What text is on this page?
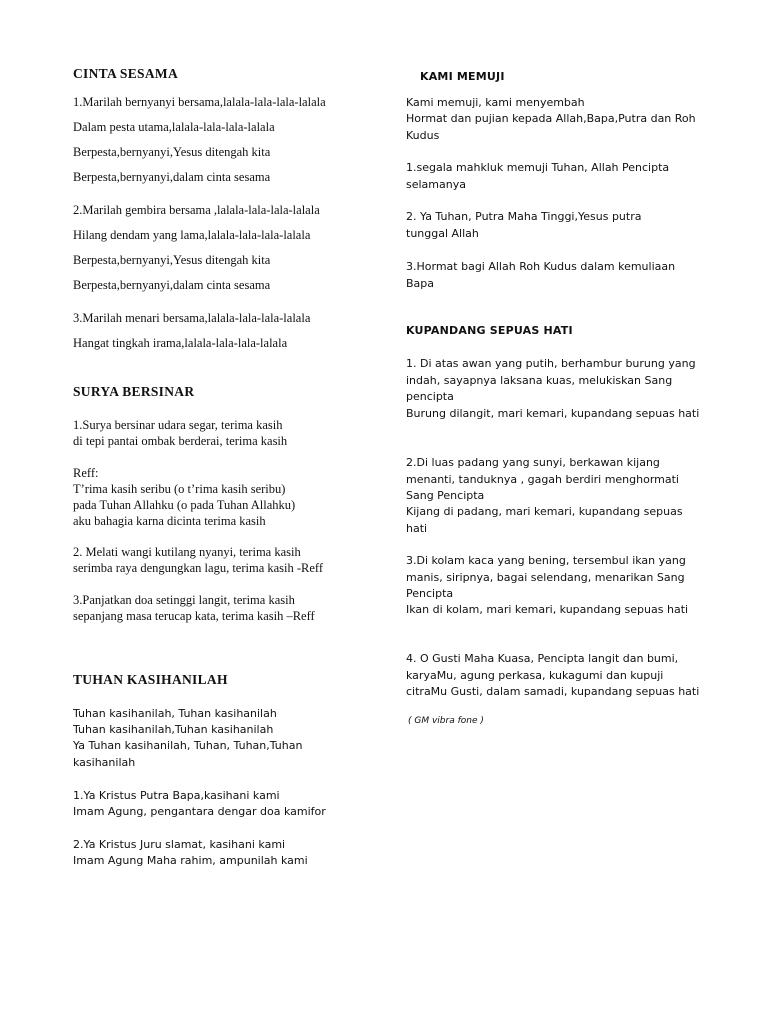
CINTA SESAMA
1.Marilah bernyanyi bersama,lalala-lala-lala-lalala
Dalam pesta utama,lalala-lala-lala-lalala
Berpesta,bernyanyi,Yesus ditengah kita
Berpesta,bernyanyi,dalam cinta sesama
2.Marilah gembira bersama ,lalala-lala-lala-lalala
Hilang dendam yang lama,lalala-lala-lala-lalala
Berpesta,bernyanyi,Yesus ditengah kita
Berpesta,bernyanyi,dalam cinta sesama
3.Marilah menari bersama,lalala-lala-lala-lalala
Hangat tingkah irama,lalala-lala-lala-lalala
SURYA BERSINAR
1.Surya bersinar udara segar, terima kasih
di tepi pantai ombak berderai, terima kasih
Reff:
T’rima kasih seribu (o t’rima kasih seribu)
pada Tuhan Allahku (o pada Tuhan Allahku)
aku bahagia karna dicinta terima kasih
2. Melati wangi kutilang nyanyi, terima kasih
serimba raya dengungkan lagu, terima kasih -Reff
3.Panjatkan doa setinggi langit, terima kasih
sepanjang masa terucap kata, terima kasih –Reff
TUHAN KASIHANILAH
Tuhan kasihanilah, Tuhan kasihanilah
Tuhan kasihanilah,Tuhan kasihanilah
Ya Tuhan kasihanilah, Tuhan, Tuhan,Tuhan kasihanilah
1.Ya Kristus Putra Bapa,kasihani kami
Imam Agung, pengantara dengar doa kamifor
2.Ya Kristus Juru slamat, kasihani kami
Imam Agung Maha rahim, ampunilah kami
KAMI MEMUJI
Kami memuji, kami menyembah
Hormat dan pujian kepada Allah,Bapa,Putra dan Roh Kudus
1.segala mahkluk memuji Tuhan, Allah Pencipta selamanya
2. Ya Tuhan, Putra Maha Tinggi,Yesus putra tunggal Allah
3.Hormat bagi Allah Roh Kudus dalam kemuliaan Bapa
KUPANDANG SEPUAS HATI
1. Di atas awan yang putih, berhambur burung yang indah, sayapnya laksana kuas, melukiskan Sang pencipta
Burung dilangit, mari kemari, kupandang sepuas hati
2.Di luas padang yang sunyi, berkawan kijang menanti, tanduknya , gagah berdiri menghormati Sang Pencipta
Kijang di padang, mari kemari, kupandang sepuas hati
3.Di kolam kaca yang bening, tersembul ikan yang manis, siripnya, bagai selendang, menarikan Sang Pencipta
Ikan di kolam, mari kemari, kupandang sepuas hati
4. O Gusti Maha Kuasa, Pencipta langit dan bumi, karyaMu, agung perkasa, kukagumi dan kupuji citraMu Gusti, dalam samadi, kupandang sepuas hati
( GM vibra fone )
